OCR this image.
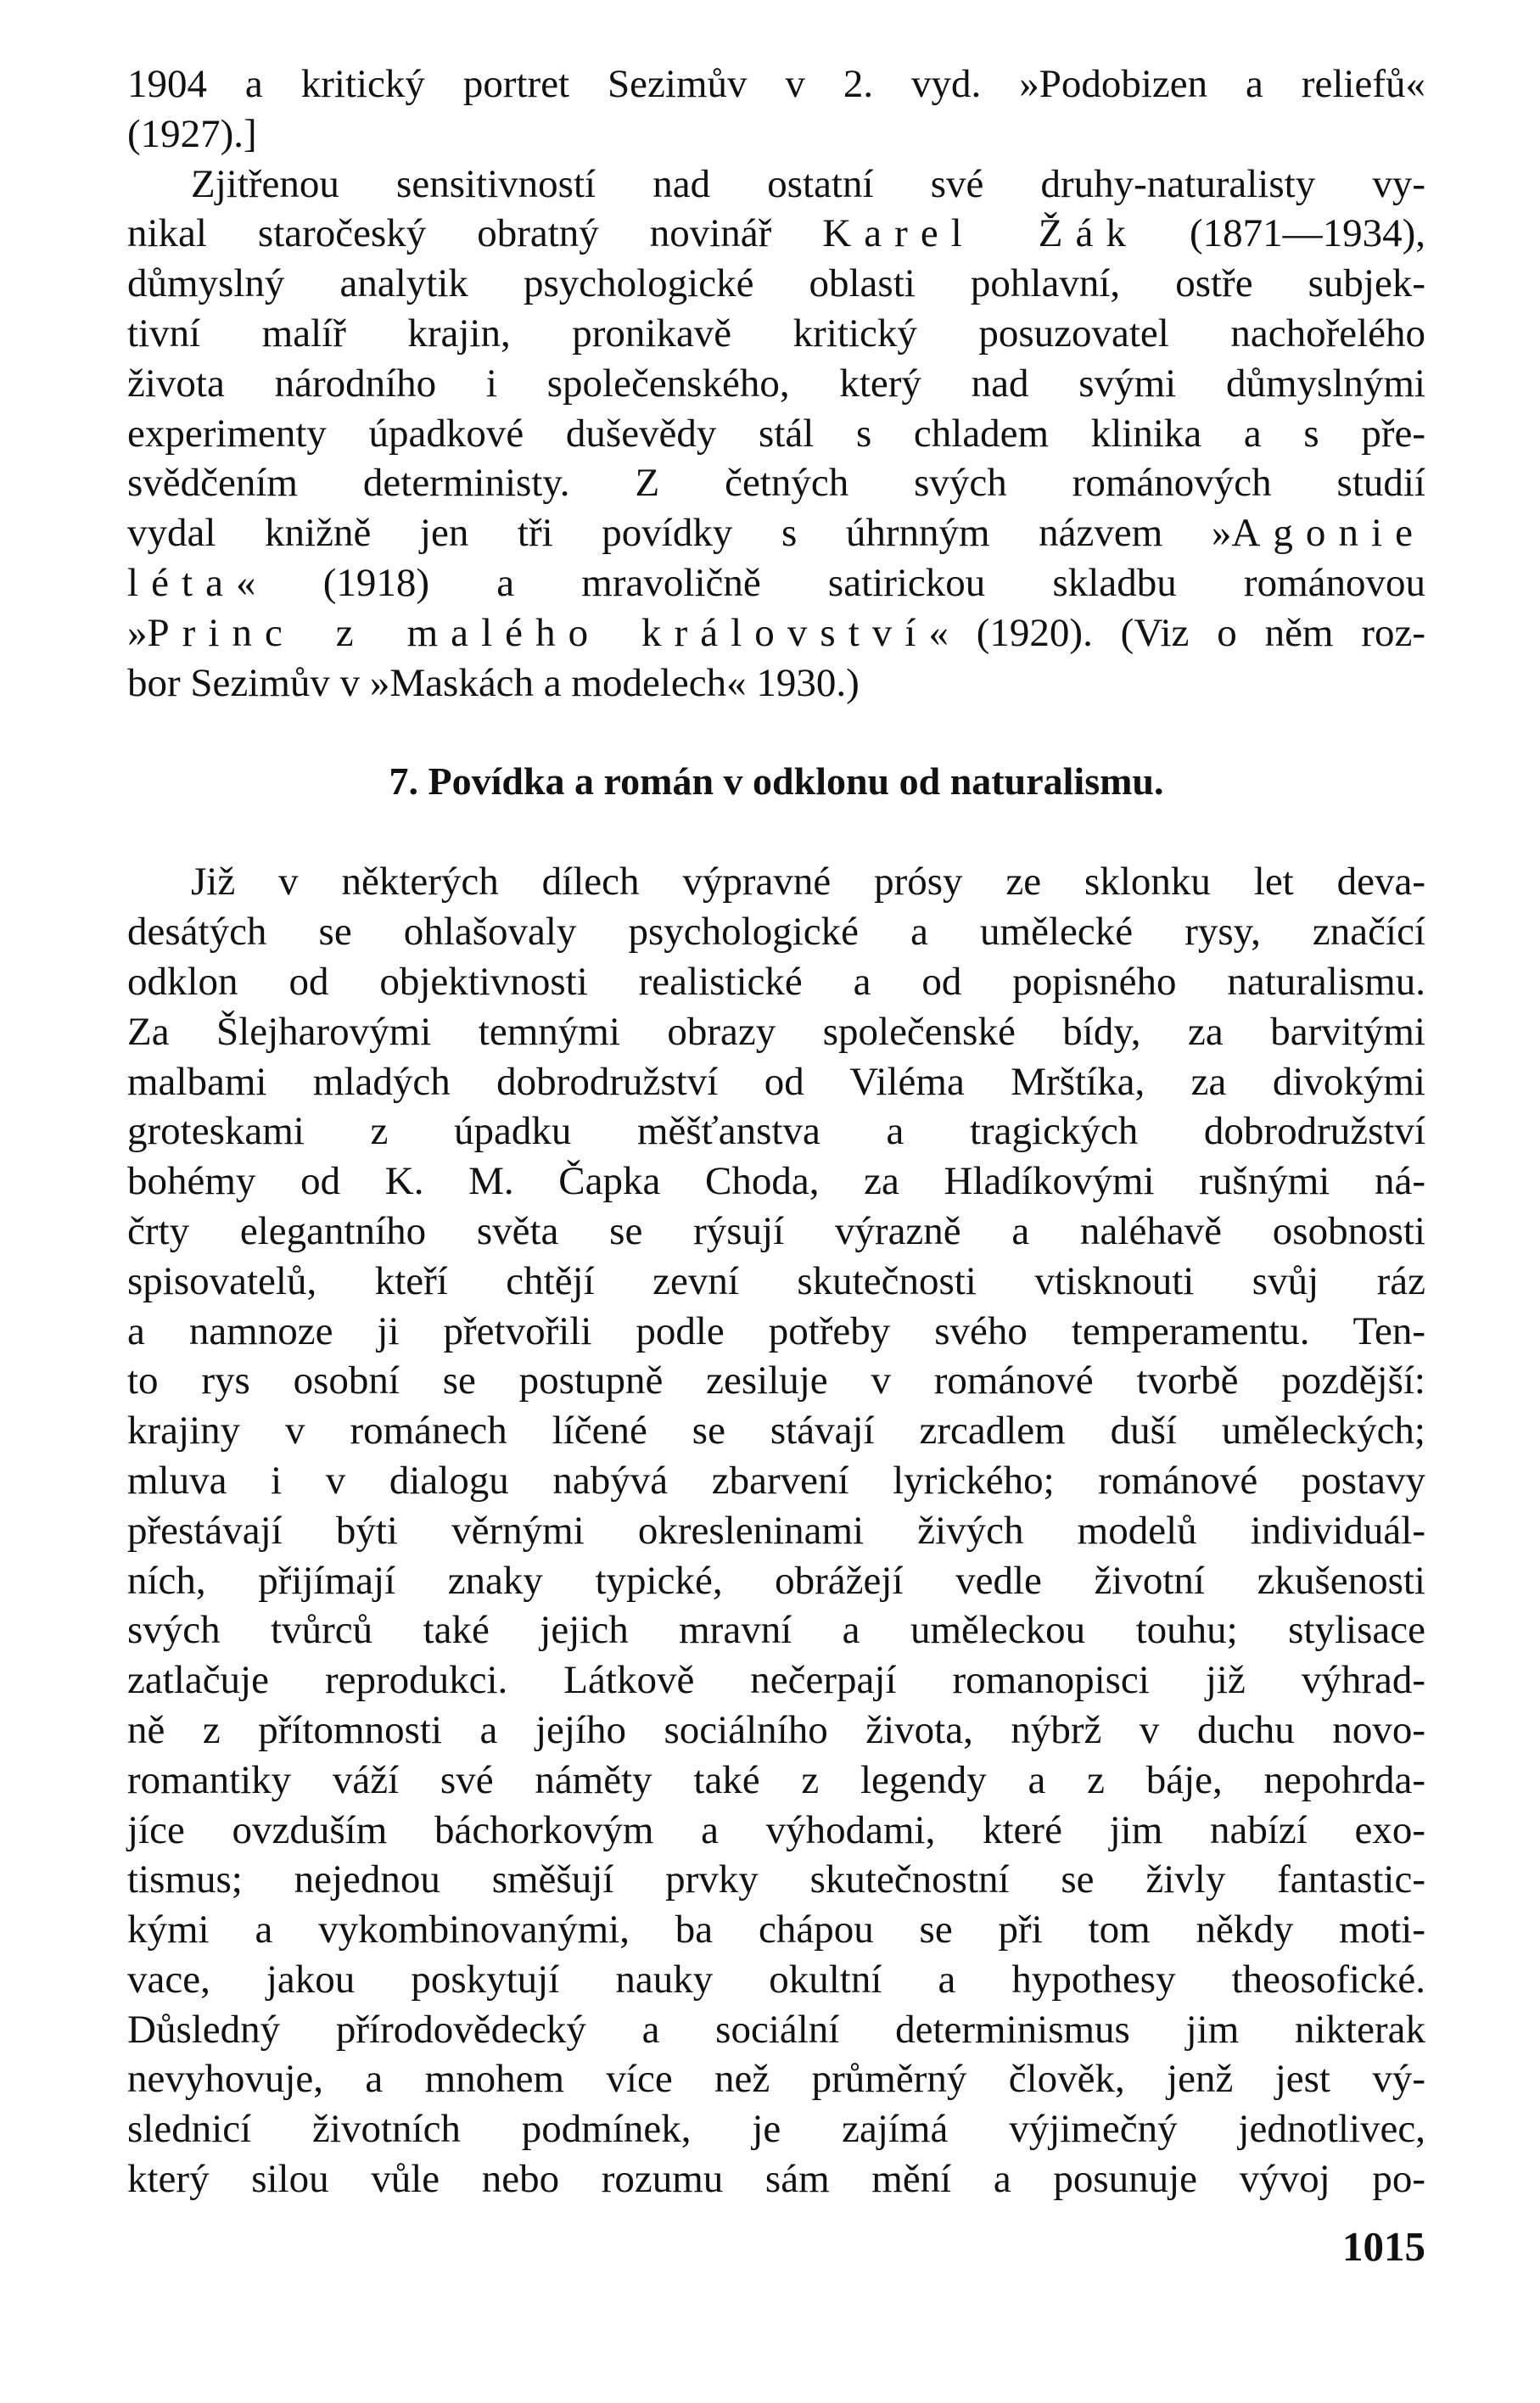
1904 a kritický portret Sezimův v 2. vyd. »Podobizen a reliefů«
(1927).]
Zjitřenou sensitivností nad ostatní své druhy-naturalisty vy-
nikal staročeský obratný novinář Karel Žák (1871—1934),
důmyslný analytik psychologické oblasti pohlavní, ostře subjek-
tivní malíř krajin, pronikavě kritický posuzovatel nachořelého
života národního i společenského, který nad svými důmyslnými
experimenty úpadkové duševědy stál s chladem klinika a s pře-
svědčením deterministy. Z četných svých románových studií
vydal knižně jen tři povídky s úhrnným názvem »Agonie
léta« (1918) a mravoličně satirickou skladbu románovou
»Princ z malého království« (1920). (Viz o něm roz-
bor Sezimův v »Maskách a modelech« 1930.)
7. Povídka a román v odklonu od naturalismu.
Již v některých dílech výpravné prósy ze sklonku let deva-
desátých se ohlašovaly psychologické a umělecké rysy, značící
odklon od objektivnosti realistické a od popisného naturalismu.
Za Šlejharovými temnými obrazy společenské bídy, za barvitými
malbami mladých dobrodružství od Viléma Mrštíka, za divokými
groteskami z úpadku měšťanstva a tragických dobrodružství
bohémy od K. M. Čapka Choda, za Hladíkovými rušnými ná-
črty elegantního světa se rýsují výrazně a naléhavě osobnosti
spisovatelů, kteří chtějí zevní skutečnosti vtisknouti svůj ráz
a namnoze ji přetvořili podle potřeby svého temperamentu. Ten-
to rys osobní se postupně zesiluje v románové tvorbě pozdější:
krajiny v románech líčené se stávají zrcadlem duší uměleckých;
mluva i v dialogu nabývá zbarvení lyrického; románové postavy
přestávají býti věrnými okresleninami živých modelů individuál-
ních, přijímají znaky typické, obrážejí vedle životní zkušenosti
svých tvůrců také jejich mravní a uměleckou touhu; stylisace
zatlačuje reprodukci. Látkově nečerpají romanopisci již výhrad-
ně z přítomnosti a jejího sociálního života, nýbrž v duchu novo-
romantiky váží své náměty také z legendy a z báje, nepohrda-
jíce ovzduším báchorkovým a výhodami, které jim nabízí exo-
tismus; nejednou směšují prvky skutečnostní se živly fantastic-
kými a vykombinovanými, ba chápou se při tom někdy moti-
vace, jakou poskytují nauky okultní a hypothesy theosofické.
Důsledný přírodovědecký a sociální determinismus jim nikterak
nevyhovuje, a mnohem více než průměrný člověk, jenž jest vý-
slednicí životních podmínek, je zajímá výjimečný jednotlivec,
který silou vůle nebo rozumu sám mění a posunuje vývoj po-
1015
